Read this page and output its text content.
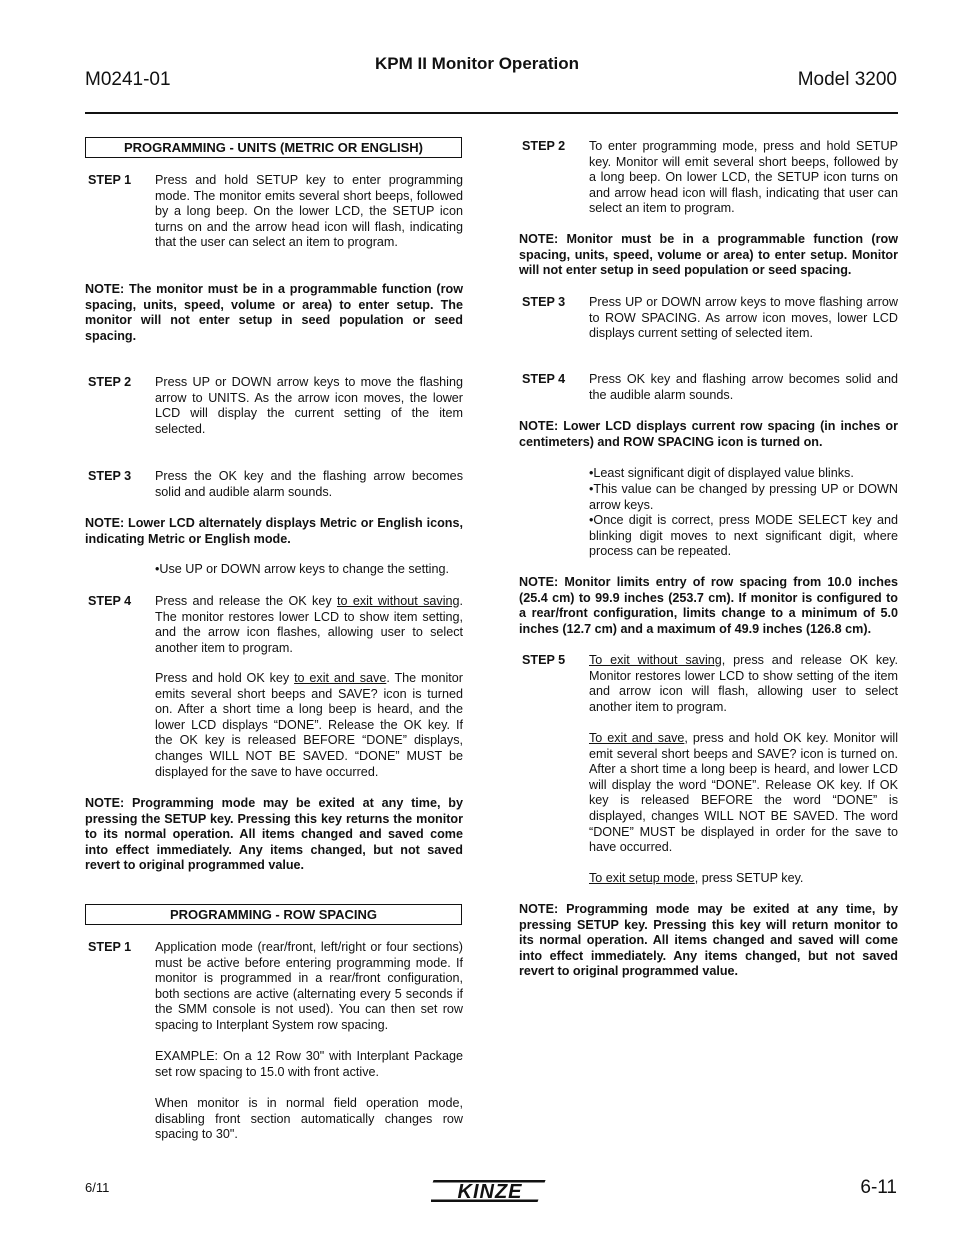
M0241-01
KPM II Monitor Operation
Model 3200
PROGRAMMING - UNITS (METRIC OR ENGLISH)
STEP 1	Press and hold SETUP key to enter programming mode. The monitor emits several short beeps, followed by a long beep. On the lower LCD, the SETUP icon turns on and the arrow head icon will flash, indicating that the user can select an item to program.

NOTE: The monitor must be in a programmable function (row spacing, units, speed, volume or area) to enter setup. The monitor will not enter setup in seed population or seed spacing.

STEP 2	Press UP or DOWN arrow keys to move the flashing arrow to UNITS. As the arrow icon moves, the lower LCD will display the current setting of the item selected.

STEP 3	Press the OK key and the flashing arrow becomes solid and audible alarm sounds.

NOTE: Lower LCD alternately displays Metric or English icons, indicating Metric or English mode.

•Use UP or DOWN arrow keys to change the setting.

STEP 4	Press and release the OK key to exit without saving. The monitor restores lower LCD to show item setting, and the arrow icon flashes, allowing user to select another item to program.

Press and hold OK key to exit and save. The monitor emits several short beeps and SAVE? icon is turned on. After a short time a long beep is heard, and the lower LCD displays “DONE”. Release the OK key. If the OK key is released BEFORE “DONE” displays, changes WILL NOT BE SAVED. “DONE” MUST be displayed for the save to have occurred.

NOTE: Programming mode may be exited at any time, by pressing the SETUP key. Pressing this key returns the monitor to its normal operation. All items changed and saved come into effect immediately. Any items changed, but not saved revert to original programmed value.

PROGRAMMING - ROW SPACING
STEP 1	Application mode (rear/front, left/right or four sections) must be active before entering programming mode. If monitor is programmed in a rear/front configuration, both sections are active (alternating every 5 seconds if the SMM console is not used). You can then set row spacing to Interplant System row spacing.

EXAMPLE: On a 12 Row 30" with Interplant Package set row spacing to 15.0 with front active.

When monitor is in normal field operation mode, disabling front section automatically changes row spacing to 30".

STEP 2	To enter programming mode, press and hold SETUP key. Monitor will emit several short beeps, followed by a long beep. On lower LCD, the SETUP icon turns on and arrow head icon will flash, indicating that user can select an item to program.

NOTE: Monitor must be in a programmable function (row spacing, units, speed, volume or area) to enter setup. Monitor will not enter setup in seed population or seed spacing.

STEP 3	Press UP or DOWN arrow keys to move flashing arrow to ROW SPACING. As arrow icon moves, lower LCD displays current setting of selected item.

STEP 4	Press OK key and flashing arrow becomes solid and the audible alarm sounds.

NOTE: Lower LCD displays current row spacing (in inches or centimeters) and ROW SPACING icon is turned on.

•Least significant digit of displayed value blinks.

•This value can be changed by pressing UP or DOWN arrow keys.

•Once digit is correct, press MODE SELECT key and blinking digit moves to next significant digit, where process can be repeated.

NOTE: Monitor limits entry of row spacing from 10.0 inches (25.4 cm) to 99.9 inches (253.7 cm). If monitor is configured to a rear/front configuration, limits change to a minimum of 5.0 inches (12.7 cm) and a maximum of 49.9 inches (126.8 cm).

STEP 5	To exit without saving, press and release OK key. Monitor restores lower LCD to show setting of the item and arrow icon will flash, allowing user to select another item to program.

To exit and save, press and hold OK key. Monitor will emit several short beeps and SAVE? icon is turned on. After a short time a long beep is heard, and lower LCD will display the word “DONE”. Release OK key. If OK key is released BEFORE the word “DONE” is displayed, changes WILL NOT BE SAVED. The word “DONE” MUST be displayed in order for the save to have occurred.

To exit setup mode, press SETUP key.

NOTE: Programming mode may be exited at any time, by pressing SETUP key. Pressing this key will return monitor to its normal operation. All items changed and saved will come into effect immediately. Any items changed, but not saved revert to original programmed value.

6/11	KINZE	6-11
